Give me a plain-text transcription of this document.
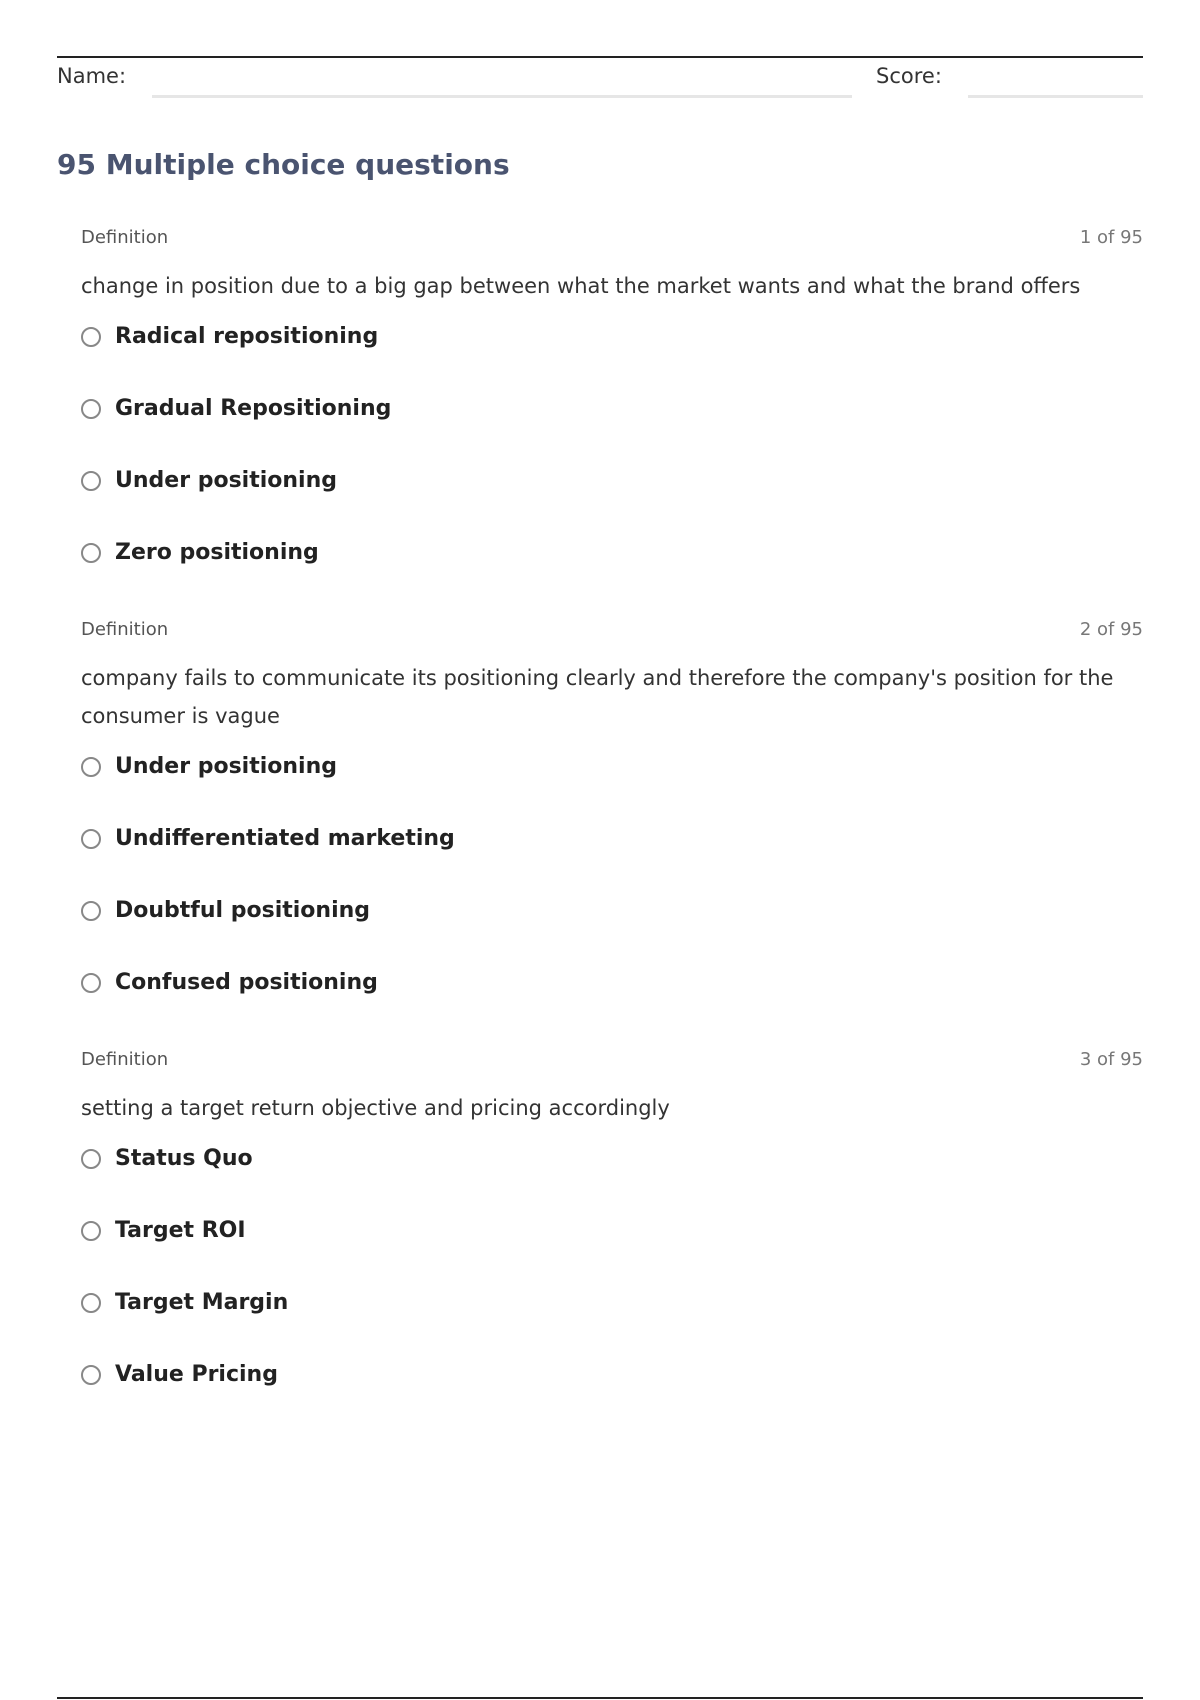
Name:	Score:
95 Multiple choice questions
Definition	1 of 95
change in position due to a big gap between what the market wants and what the brand offers
Radical repositioning
Gradual Repositioning
Under positioning
Zero positioning
Definition	2 of 95
company fails to communicate its positioning clearly and therefore the company's position for the consumer is vague
Under positioning
Undifferentiated marketing
Doubtful positioning
Confused positioning
Definition	3 of 95
setting a target return objective and pricing accordingly
Status Quo
Target ROI
Target Margin
Value Pricing
